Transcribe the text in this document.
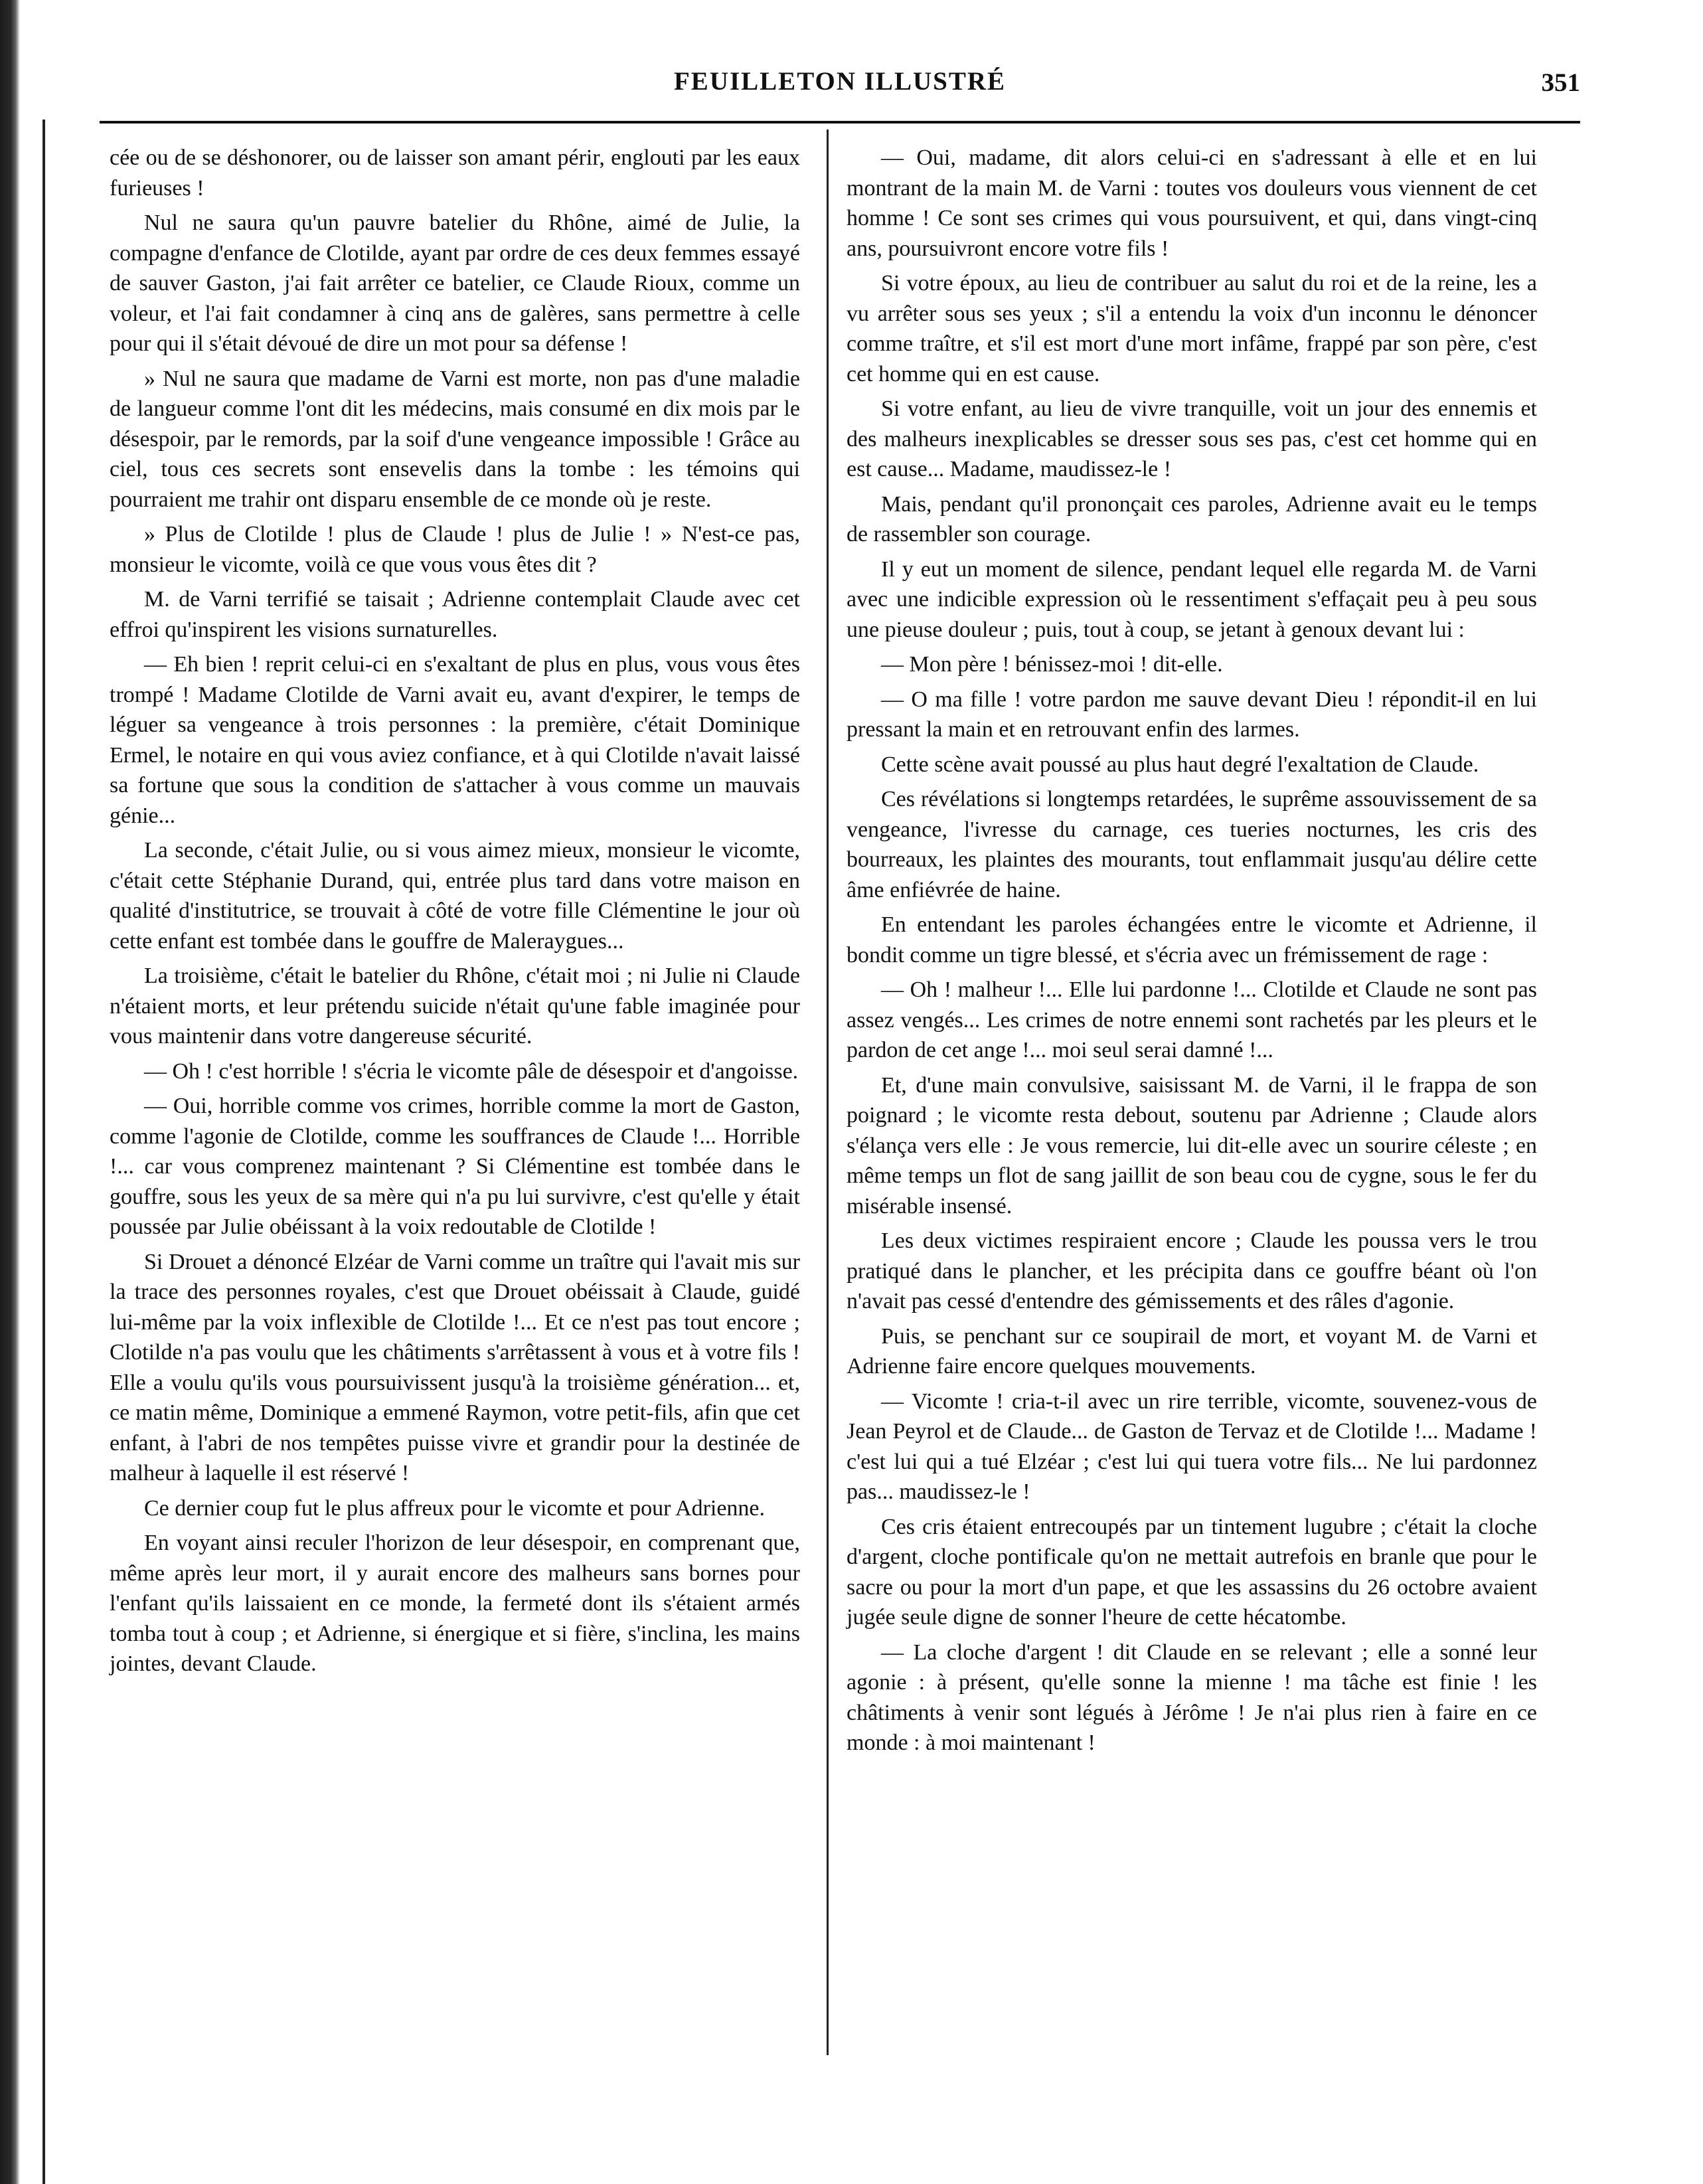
FEUILLETON ILLUSTRÉ	351

cée ou de se déshonorer, ou de laisser son amant périr, englouti par les eaux furieuses !

Nul ne saura qu'un pauvre batelier du Rhône, aimé de Julie, la compagne d'enfance de Clotilde, ayant par ordre de ces deux femmes essayé de sauver Gaston, j'ai fait arrêter ce batelier, ce Claude Rioux, comme un voleur, et l'ai fait condamner à cinq ans de galères, sans permettre à celle pour qui il s'était dévoué de dire un mot pour sa défense !

» Nul ne saura que madame de Varni est morte, non pas d'une maladie de langueur comme l'ont dit les médecins, mais consumé en dix mois par le désespoir, par le remords, par la soif d'une vengeance impossible ! Grâce au ciel, tous ces secrets sont ensevelis dans la tombe : les témoins qui pourraient me trahir ont disparu ensemble de ce monde où je reste.

» Plus de Clotilde ! plus de Claude ! plus de Julie ! » N'est-ce pas, monsieur le vicomte, voilà ce que vous vous êtes dit ?

M. de Varni terrifié se taisait ; Adrienne contemplait Claude avec cet effroi qu'inspirent les visions surnaturelles.

— Eh bien ! reprit celui-ci en s'exaltant de plus en plus, vous vous êtes trompé ! Madame Clotilde de Varni avait eu, avant d'expirer, le temps de léguer sa vengeance à trois personnes : la première, c'était Dominique Ermel, le notaire en qui vous aviez confiance, et à qui Clotilde n'avait laissé sa fortune que sous la condition de s'attacher à vous comme un mauvais génie...

La seconde, c'était Julie, ou si vous aimez mieux, monsieur le vicomte, c'était cette Stéphanie Durand, qui, entrée plus tard dans votre maison en qualité d'institutrice, se trouvait à côté de votre fille Clémentine le jour où cette enfant est tombée dans le gouffre de Maleraygues...

La troisième, c'était le batelier du Rhône, c'était moi ; ni Julie ni Claude n'étaient morts, et leur prétendu suicide n'était qu'une fable imaginée pour vous maintenir dans votre dangereuse sécurité.

— Oh ! c'est horrible ! s'écria le vicomte pâle de désespoir et d'angoisse.

— Oui, horrible comme vos crimes, horrible comme la mort de Gaston, comme l'agonie de Clotilde, comme les souffrances de Claude !... Horrible !... car vous comprenez maintenant ? Si Clémentine est tombée dans le gouffre, sous les yeux de sa mère qui n'a pu lui survivre, c'est qu'elle y était poussée par Julie obéissant à la voix redoutable de Clotilde !

Si Drouet a dénoncé Elzéar de Varni comme un traître qui l'avait mis sur la trace des personnes royales, c'est que Drouet obéissait à Claude, guidé lui-même par la voix inflexible de Clotilde !... Et ce n'est pas tout encore ; Clotilde n'a pas voulu que les châtiments s'arrêtassent à vous et à votre fils ! Elle a voulu qu'ils vous poursuivissent jusqu'à la troisième génération... et, ce matin même, Dominique a emmené Raymon, votre petit-fils, afin que cet enfant, à l'abri de nos tempêtes puisse vivre et grandir pour la destinée de malheur à laquelle il est réservé !

Ce dernier coup fut le plus affreux pour le vicomte et pour Adrienne.

En voyant ainsi reculer l'horizon de leur désespoir, en comprenant que, même après leur mort, il y aurait encore des malheurs sans bornes pour l'enfant qu'ils laissaient en ce monde, la fermeté dont ils s'étaient armés tomba tout à coup ; et Adrienne, si énergique et si fière, s'inclina, les mains jointes, devant Claude.

— Oui, madame, dit alors celui-ci en s'adressant à elle et en lui montrant de la main M. de Varni : toutes vos douleurs vous viennent de cet homme ! Ce sont ses crimes qui vous poursuivent, et qui, dans vingt-cinq ans, poursuivront encore votre fils !

Si votre époux, au lieu de contribuer au salut du roi et de la reine, les a vu arrêter sous ses yeux ; s'il a entendu la voix d'un inconnu le dénoncer comme traître, et s'il est mort d'une mort infâme, frappé par son père, c'est cet homme qui en est cause.

Si votre enfant, au lieu de vivre tranquille, voit un jour des ennemis et des malheurs inexplicables se dresser sous ses pas, c'est cet homme qui en est cause... Madame, maudissez-le !

Mais, pendant qu'il prononçait ces paroles, Adrienne avait eu le temps de rassembler son courage.

Il y eut un moment de silence, pendant lequel elle regarda M. de Varni avec une indicible expression où le ressentiment s'effaçait peu à peu sous une pieuse douleur ; puis, tout à coup, se jetant à genoux devant lui :

— Mon père ! bénissez-moi ! dit-elle.

— O ma fille ! votre pardon me sauve devant Dieu ! répondit-il en lui pressant la main et en retrouvant enfin des larmes.

Cette scène avait poussé au plus haut degré l'exaltation de Claude.

Ces révélations si longtemps retardées, le suprême assouvissement de sa vengeance, l'ivresse du carnage, ces tueries nocturnes, les cris des bourreaux, les plaintes des mourants, tout enflammait jusqu'au délire cette âme enfiévrée de haine.

En entendant les paroles échangées entre le vicomte et Adrienne, il bondit comme un tigre blessé, et s'écria avec un frémissement de rage :

— Oh ! malheur !... Elle lui pardonne !... Clotilde et Claude ne sont pas assez vengés... Les crimes de notre ennemi sont rachetés par les pleurs et le pardon de cet ange !... moi seul serai damné !...

Et, d'une main convulsive, saisissant M. de Varni, il le frappa de son poignard ; le vicomte resta debout, soutenu par Adrienne ; Claude alors s'élança vers elle : Je vous remercie, lui dit-elle avec un sourire céleste ; en même temps un flot de sang jaillit de son beau cou de cygne, sous le fer du misérable insensé.

Les deux victimes respiraient encore ; Claude les poussa vers le trou pratiqué dans le plancher, et les précipita dans ce gouffre béant où l'on n'avait pas cessé d'entendre des gémissements et des râles d'agonie.

Puis, se penchant sur ce soupirail de mort, et voyant M. de Varni et Adrienne faire encore quelques mouvements.

— Vicomte ! cria-t-il avec un rire terrible, vicomte, souvenez-vous de Jean Peyrol et de Claude... de Gaston de Tervaz et de Clotilde !... Madame ! c'est lui qui a tué Elzéar ; c'est lui qui tuera votre fils... Ne lui pardonnez pas... maudissez-le !

Ces cris étaient entrecoupés par un tintement lugubre ; c'était la cloche d'argent, cloche pontificale qu'on ne mettait autrefois en branle que pour le sacre ou pour la mort d'un pape, et que les assassins du 26 octobre avaient jugée seule digne de sonner l'heure de cette hécatombe.

— La cloche d'argent ! dit Claude en se relevant ; elle a sonné leur agonie : à présent, qu'elle sonne la mienne ! ma tâche est finie ! les châtiments à venir sont légués à Jérôme ! Je n'ai plus rien à faire en ce monde : à moi maintenant !
